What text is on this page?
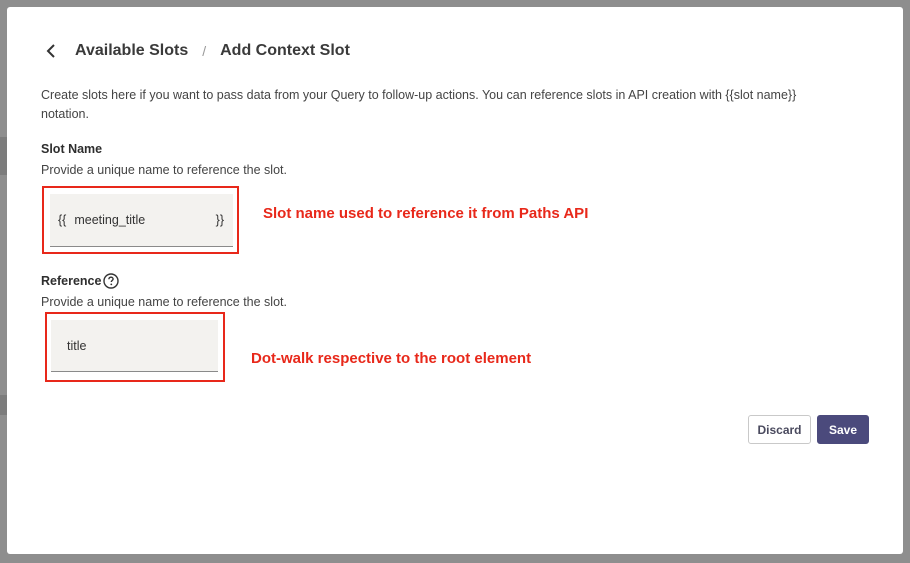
Available Slots / Add Context Slot

Create slots here if you want to pass data from your Query to follow-up actions. You can reference slots in API creation with {{slot name}} notation.

Slot Name
Provide a unique name to reference the slot.
{{ meeting_title	}}	Slot name used to reference it from Paths API
Reference
Provide a unique name to reference the slot.
title
Dot-walk respective to the root element
Discard	Save
